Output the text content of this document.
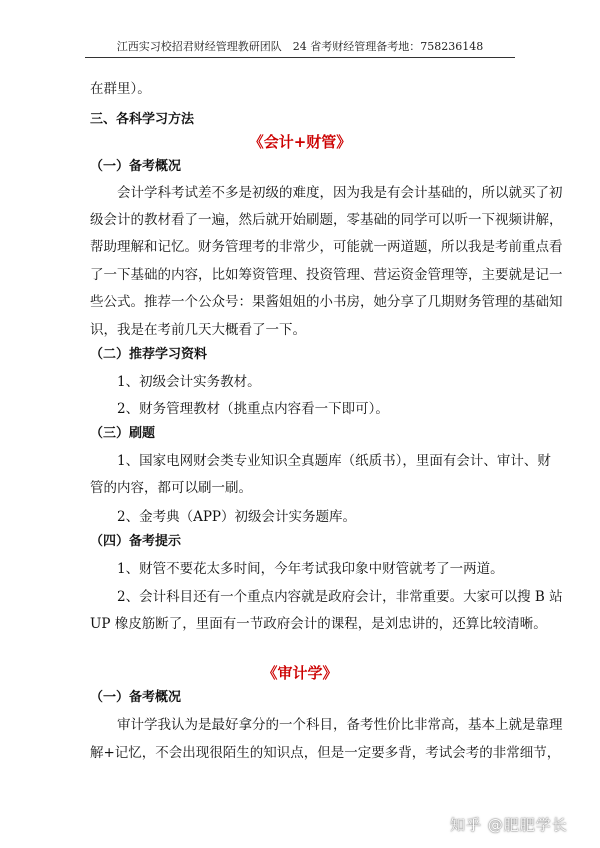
江西实习校招君财经管理教研团队　24 省考财经管理备考地：758236148
在群里）。
三、各科学习方法
《会计+财管》
（一）备考概况
会计学科考试差不多是初级的难度，因为我是有会计基础的，所以就买了初
级会计的教材看了一遍，然后就开始刷题，零基础的同学可以听一下视频讲解，
帮助理解和记忆。财务管理考的非常少，可能就一两道题，所以我是考前重点看
了一下基础的内容，比如筹资管理、投资管理、营运资金管理等，主要就是记一
些公式。推荐一个公众号：果酱姐姐的小书房，她分享了几期财务管理的基础知
识，我是在考前几天大概看了一下。
（二）推荐学习资料
1、初级会计实务教材。
2、财务管理教材（挑重点内容看一下即可）。
（三）刷题
1、国家电网财会类专业知识全真题库（纸质书），里面有会计、审计、财
管的内容，都可以刷一刷。
2、金考典（APP）初级会计实务题库。
（四）备考提示
1、财管不要花太多时间，今年考试我印象中财管就考了一两道。
2、会计科目还有一个重点内容就是政府会计，非常重要。大家可以搜 B 站
UP 橡皮筋断了，里面有一节政府会计的课程，是刘忠讲的，还算比较清晰。
《审计学》
（一）备考概况
审计学我认为是最好拿分的一个科目，备考性价比非常高，基本上就是靠理
解+记忆，不会出现很陌生的知识点，但是一定要多背，考试会考的非常细节，
知乎 @肥肥学长
